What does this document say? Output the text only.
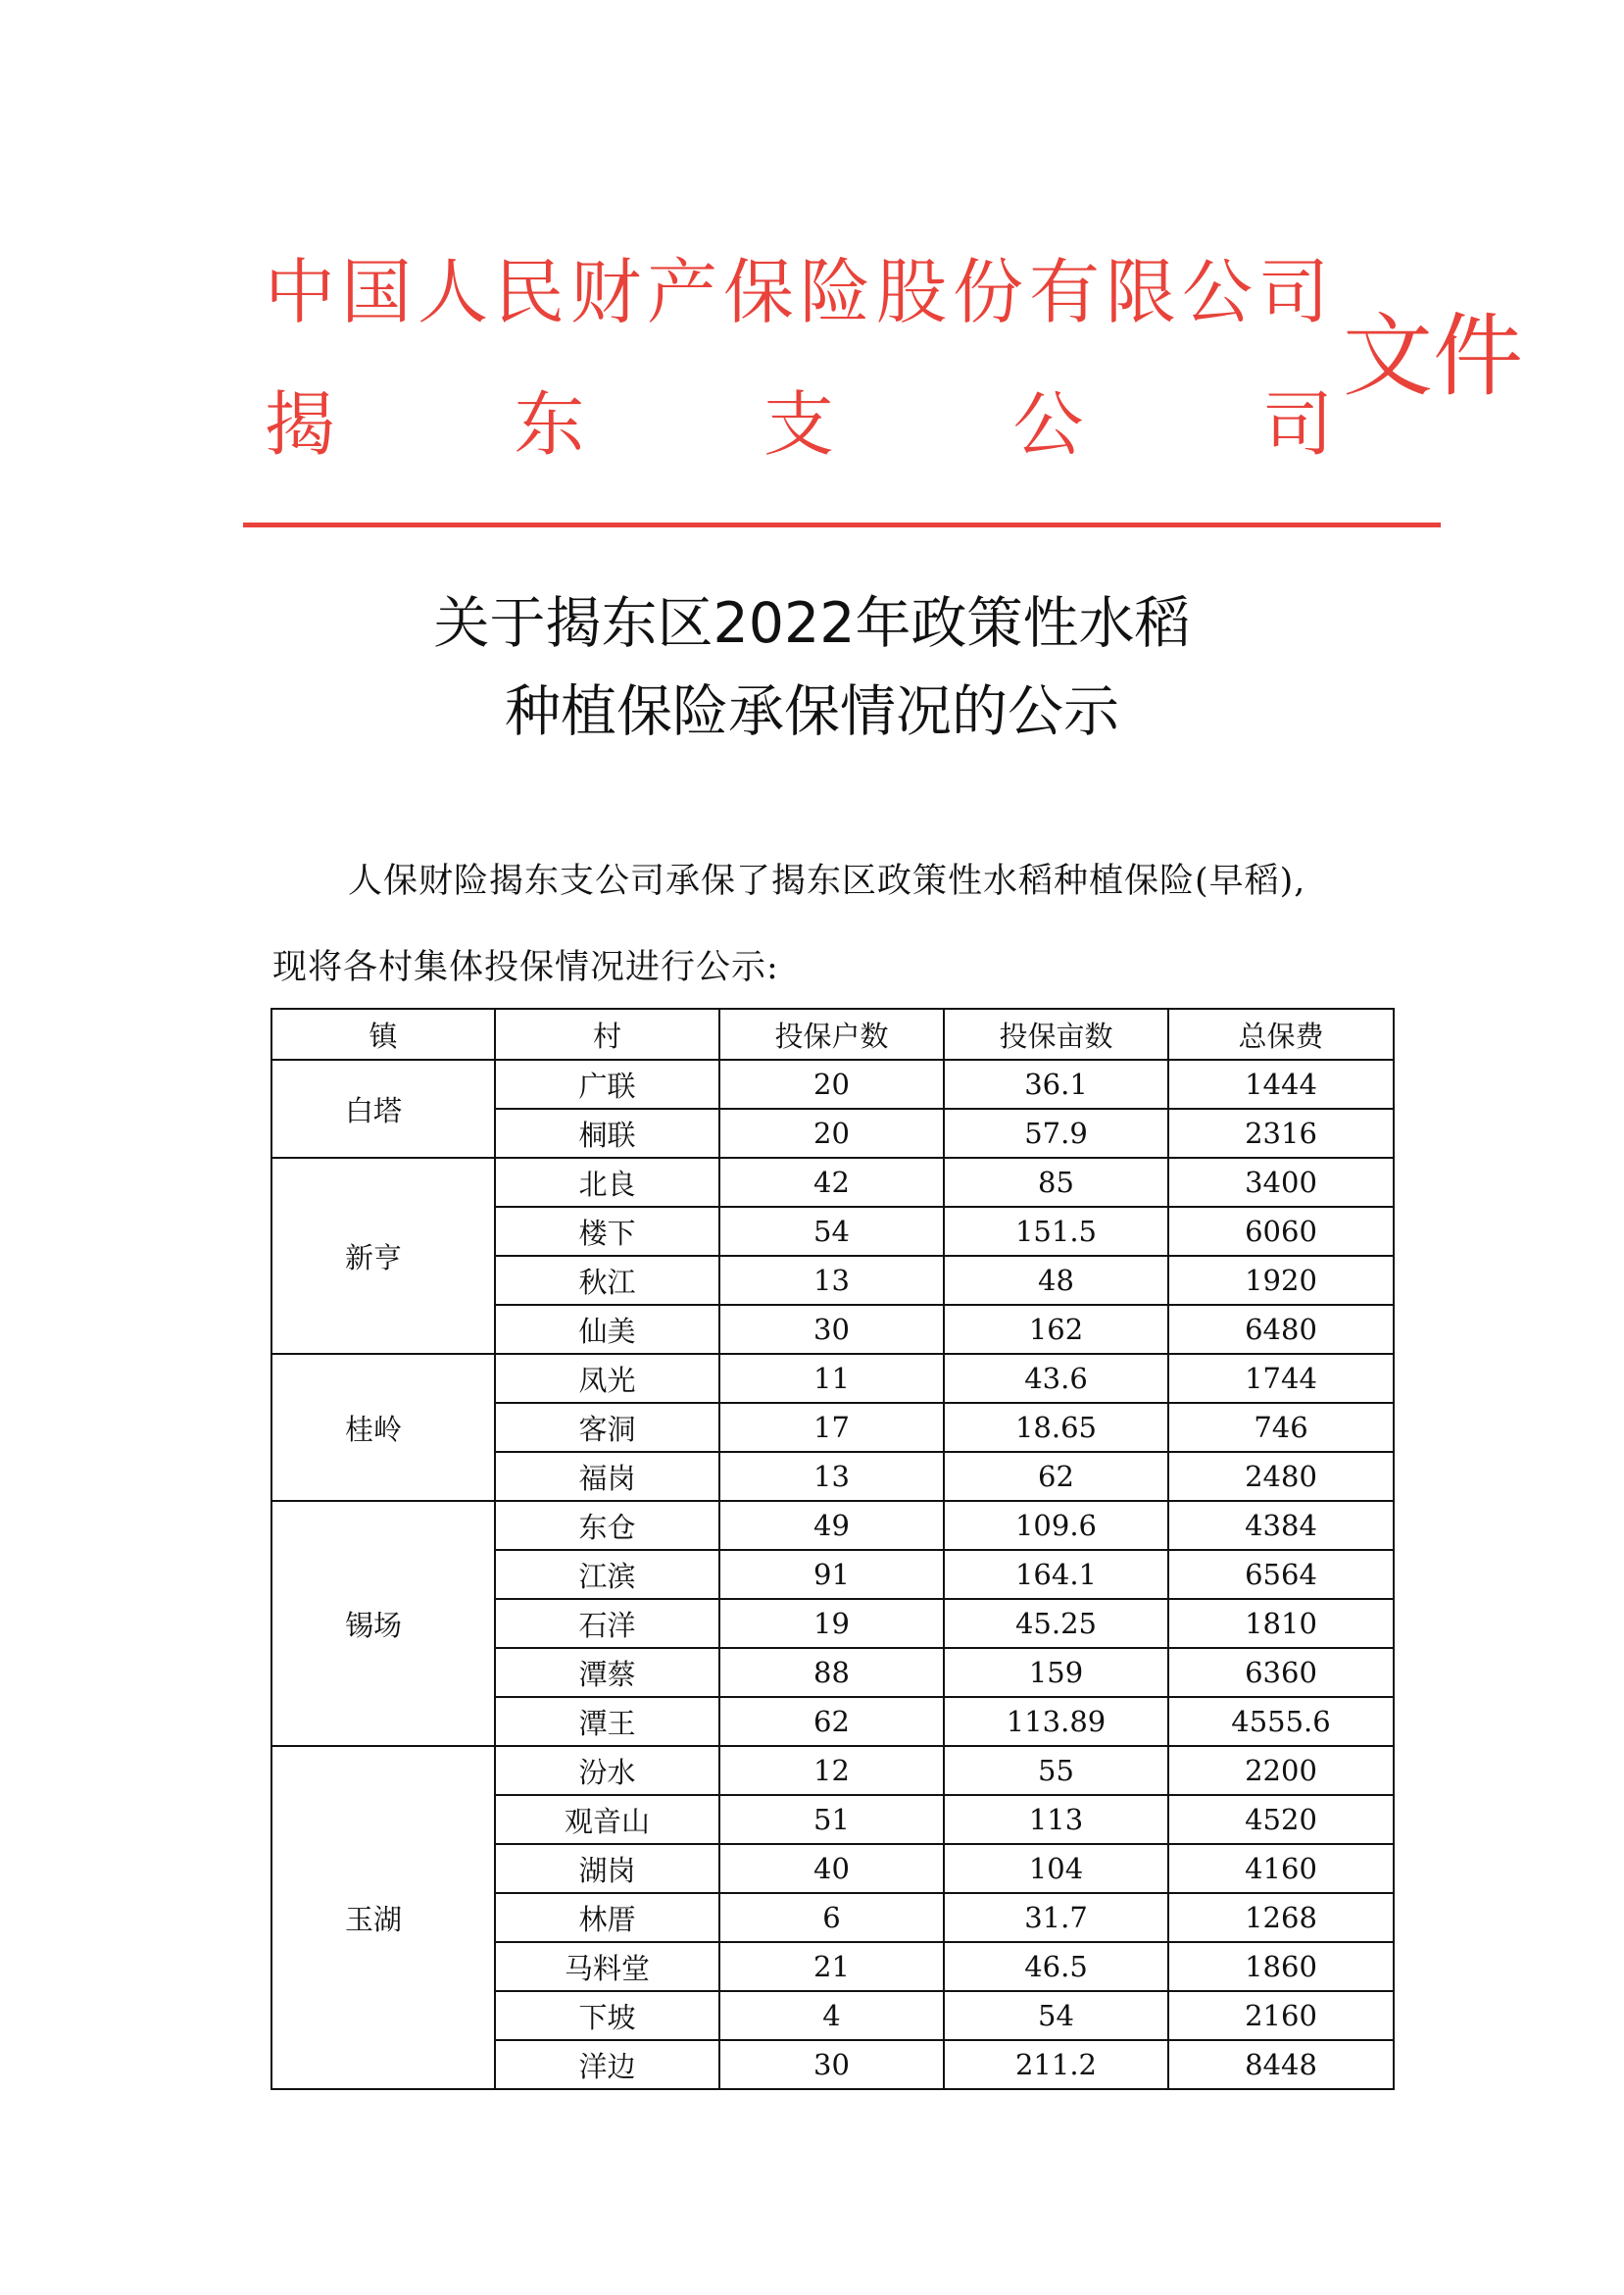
中国人民财产保险股份有限公司
揭	东	支	公	司
文件
关于揭东区2022年政策性水稻
种植保险承保情况的公示
人保财险揭东支公司承保了揭东区政策性水稻种植保险(早稻),
现将各村集体投保情况进行公示:
镇	村	投保户数	投保亩数	总保费
白塔	广联	20	36.1	1444
	桐联	20	57.9	2316
新亨	北良	42	85	3400
	楼下	54	151.5	6060
	秋江	13	48	1920
	仙美	30	162	6480
桂岭	凤光	11	43.6	1744
	客洞	17	18.65	746
	福岗	13	62	2480
锡场	东仓	49	109.6	4384
	江滨	91	164.1	6564
	石洋	19	45.25	1810
	潭蔡	88	159	6360
	潭王	62	113.89	4555.6
玉湖	汾水	12	55	2200
	观音山	51	113	4520
	湖岗	40	104	4160
	林厝	6	31.7	1268
	马料堂	21	46.5	1860
	下坡	4	54	2160
	洋边	30	211.2	8448
